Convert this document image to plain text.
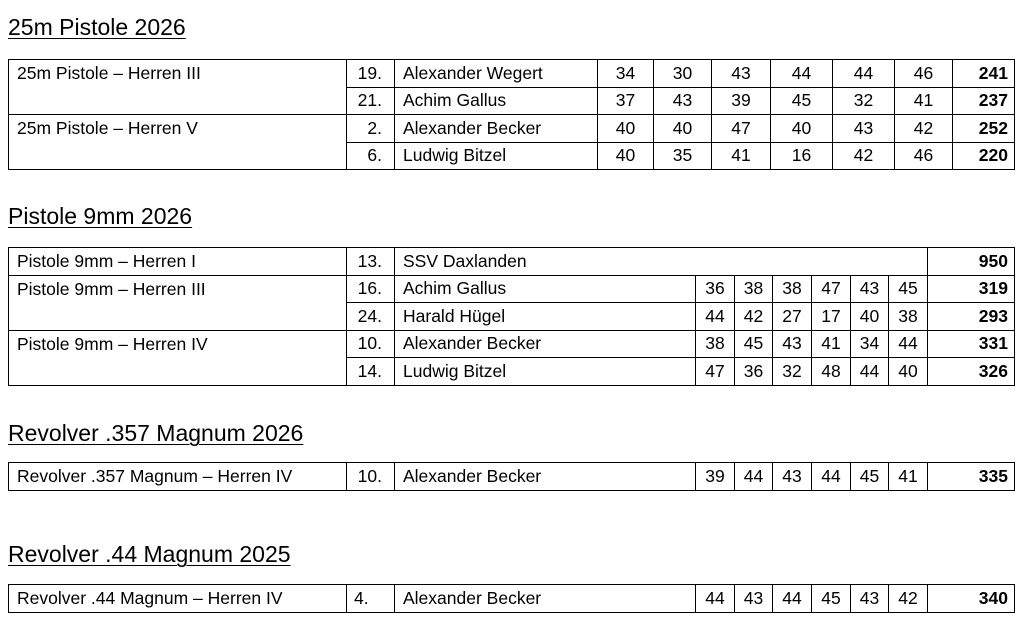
25m Pistole 2026
25m Pistole – Herren III	19.	Alexander Wegert	34	30	43	44	44	46	241
	21.	Achim Gallus	37	43	39	45	32	41	237
25m Pistole – Herren V	2.	Alexander Becker	40	40	47	40	43	42	252
	6.	Ludwig Bitzel	40	35	41	16	42	46	220
Pistole 9mm 2026
Pistole 9mm – Herren I	13.	SSV Daxlanden							950
Pistole 9mm – Herren III	16.	Achim Gallus	36	38	38	47	43	45	319
	24.	Harald Hügel	44	42	27	17	40	38	293
Pistole 9mm – Herren IV	10.	Alexander Becker	38	45	43	41	34	44	331
	14.	Ludwig Bitzel	47	36	32	48	44	40	326
Revolver .357 Magnum 2026
Revolver .357 Magnum – Herren IV	10.	Alexander Becker	39	44	43	44	45	41	335
Revolver .44 Magnum 2025
Revolver .44 Magnum – Herren IV	4.	Alexander Becker	44	43	44	45	43	42	340
